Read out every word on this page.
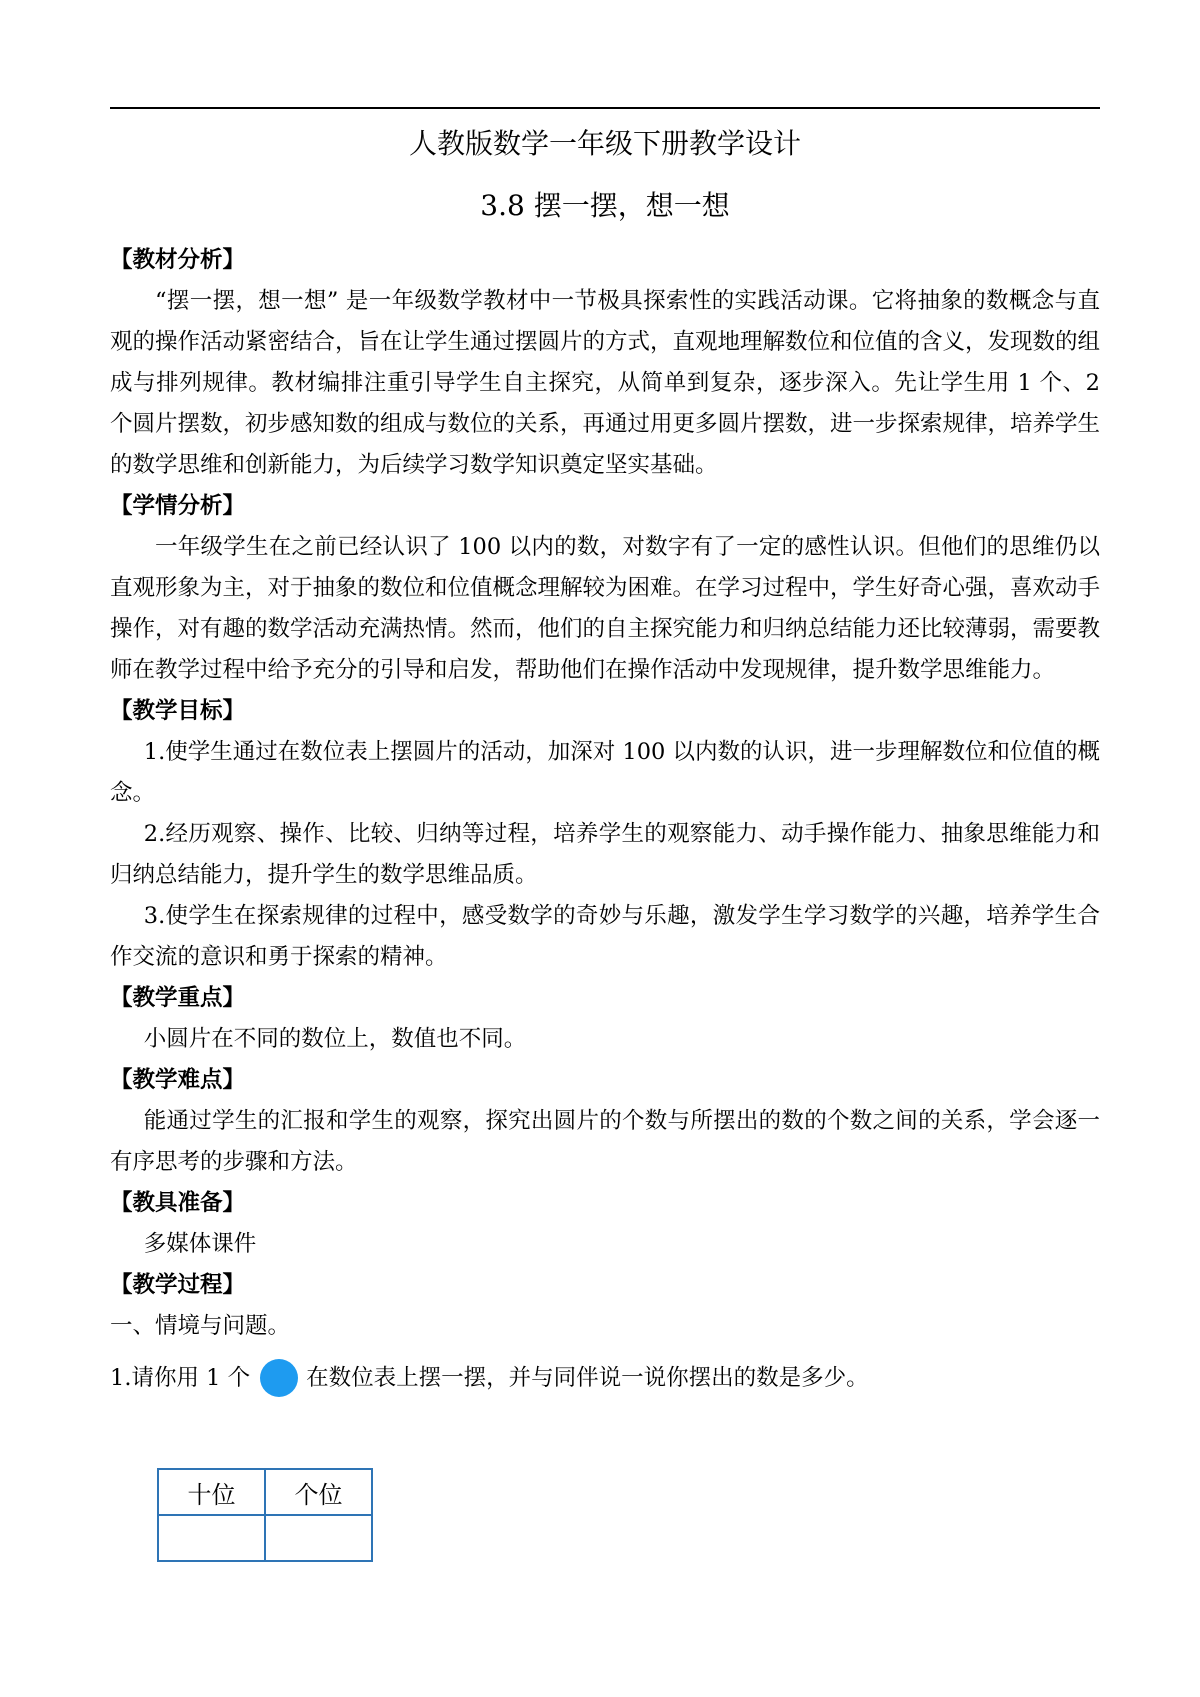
人教版数学一年级下册教学设计
3.8 摆一摆，想一想
【教材分析】
“摆一摆，想一想” 是一年级数学教材中一节极具探索性的实践活动课。它将抽象的数概念与直观的操作活动紧密结合，旨在让学生通过摆圆片的方式，直观地理解数位和位值的含义，发现数的组成与排列规律。教材编排注重引导学生自主探究，从简单到复杂，逐步深入。先让学生用 1 个、2 个圆片摆数，初步感知数的组成与数位的关系，再通过用更多圆片摆数，进一步探索规律，培养学生的数学思维和创新能力，为后续学习数学知识奠定坚实基础。
【学情分析】
一年级学生在之前已经认识了 100 以内的数，对数字有了一定的感性认识。但他们的思维仍以直观形象为主，对于抽象的数位和位值概念理解较为困难。在学习过程中，学生好奇心强，喜欢动手操作，对有趣的数学活动充满热情。然而，他们的自主探究能力和归纳总结能力还比较薄弱，需要教师在教学过程中给予充分的引导和启发，帮助他们在操作活动中发现规律，提升数学思维能力。
【教学目标】
1.使学生通过在数位表上摆圆片的活动，加深对 100 以内数的认识，进一步理解数位和位值的概念。
2.经历观察、操作、比较、归纳等过程，培养学生的观察能力、动手操作能力、抽象思维能力和归纳总结能力，提升学生的数学思维品质。
3.使学生在探索规律的过程中，感受数学的奇妙与乐趣，激发学生学习数学的兴趣，培养学生合作交流的意识和勇于探索的精神。
【教学重点】
小圆片在不同的数位上，数值也不同。
【教学难点】
能通过学生的汇报和学生的观察，探究出圆片的个数与所摆出的数的个数之间的关系，学会逐一有序思考的步骤和方法。
【教具准备】
多媒体课件
【教学过程】
一、情境与问题。
1.请你用 1 个 在数位表上摆一摆，并与同伴说一说你摆出的数是多少。
十位	个位
